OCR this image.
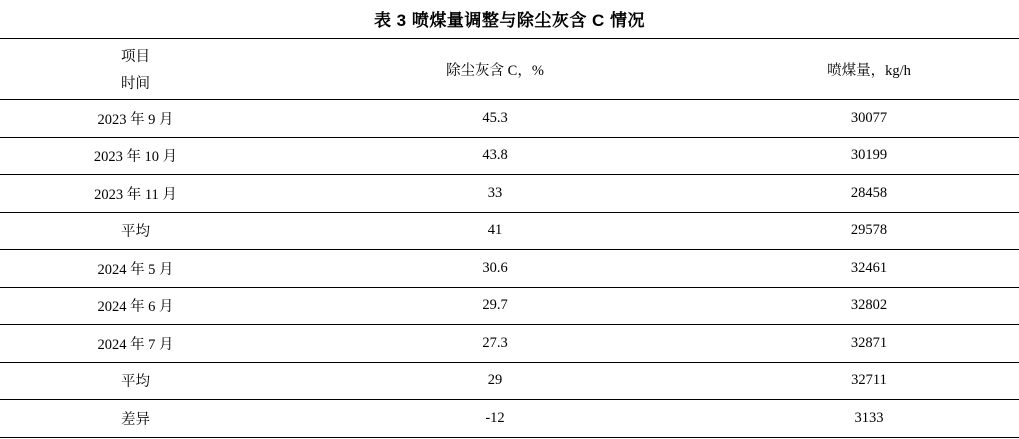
表 3 喷煤量调整与除尘灰含 C 情况
项目
时间	除尘灰含 C，%	喷煤量，kg/h
2023 年 9 月	45.3	30077
2023 年 10 月	43.8	30199
2023 年 11 月	33	28458
平均	41	29578
2024 年 5 月	30.6	32461
2024 年 6 月	29.7	32802
2024 年 7 月	27.3	32871
平均	29	32711
差异	-12	3133
